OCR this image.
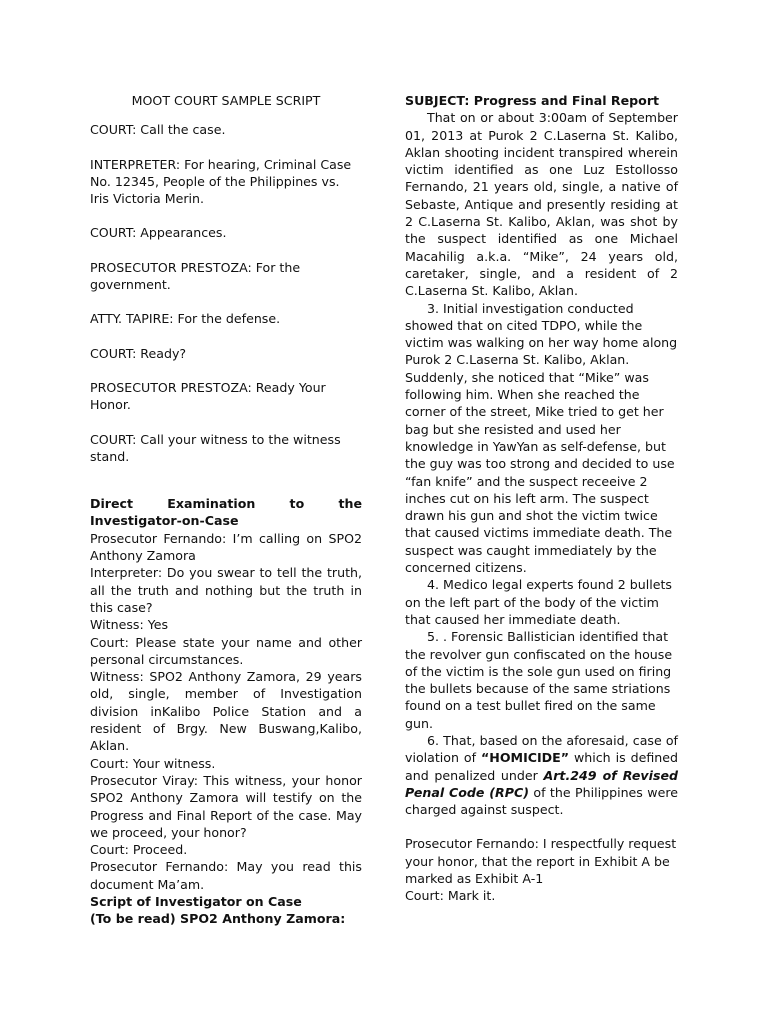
MOOT COURT SAMPLE SCRIPT

COURT: Call the case.

INTERPRETER: For hearing, Criminal Case No. 12345, People of the Philippines vs. Iris Victoria Merin.

COURT: Appearances.

PROSECUTOR PRESTOZA: For the government.

ATTY. TAPIRE: For the defense.

COURT: Ready?

PROSECUTOR PRESTOZA: Ready Your Honor.

COURT: Call your witness to the witness stand.

Direct	Examination	to	the
Investigator-on-Case

Prosecutor Fernando: I’m calling on SPO2 Anthony Zamora

Interpreter: Do you swear to tell the truth, all the truth and nothing but the truth in this case?

Witness: Yes

Court: Please state your name and other personal circumstances.

Witness: SPO2 Anthony Zamora, 29 years old, single, member of Investigation division inKalibo Police Station and a resident of Brgy. New Buswang,Kalibo, Aklan.

Court: Your witness.

Prosecutor Viray: This witness, your honor SPO2 Anthony Zamora will testify on the Progress and Final Report of the case. May we proceed, your honor?

Court: Proceed.

Prosecutor Fernando: May you read this document Ma’am.

Script of Investigator on Case

(To be read) SPO2 Anthony Zamora:

SUBJECT: Progress and Final Report

That on or about 3:00am of September 01, 2013 at Purok 2 C.Laserna St. Kalibo, Aklan shooting incident transpired wherein victim identified as one Luz Estollosso Fernando, 21 years old, single, a native of Sebaste, Antique and presently residing at 2 C.Laserna St. Kalibo, Aklan, was shot by the suspect identified as one Michael Macahilig a.k.a. “Mike”, 24 years old, caretaker, single, and a resident of 2 C.Laserna St. Kalibo, Aklan.

3. Initial investigation conducted showed that on cited TDPO, while the victim was walking on her way home along Purok 2 C.Laserna St. Kalibo, Aklan. Suddenly, she noticed that “Mike” was following him. When she reached the corner of the street, Mike tried to get her bag but she resisted and used her knowledge in YawYan as self-defense, but the guy was too strong and decided to use “fan knife” and the suspect receeive 2 inches cut on his left arm. The suspect drawn his gun and shot the victim twice that caused victims immediate death. The suspect was caught immediately by the concerned citizens.

4. Medico legal experts found 2 bullets on the left part of the body of the victim that caused her immediate death.

5. . Forensic Ballistician identified that the revolver gun confiscated on the house of the victim is the sole gun used on firing the bullets because of the same striations found on a test bullet fired on the same gun.

6. That, based on the aforesaid, case of violation of “HOMICIDE” which is defined and penalized under Art.249 of Revised Penal Code (RPC) of the Philippines were charged against suspect.

Prosecutor Fernando: I respectfully request your honor, that the report in Exhibit A be marked as Exhibit A-1

Court: Mark it.
